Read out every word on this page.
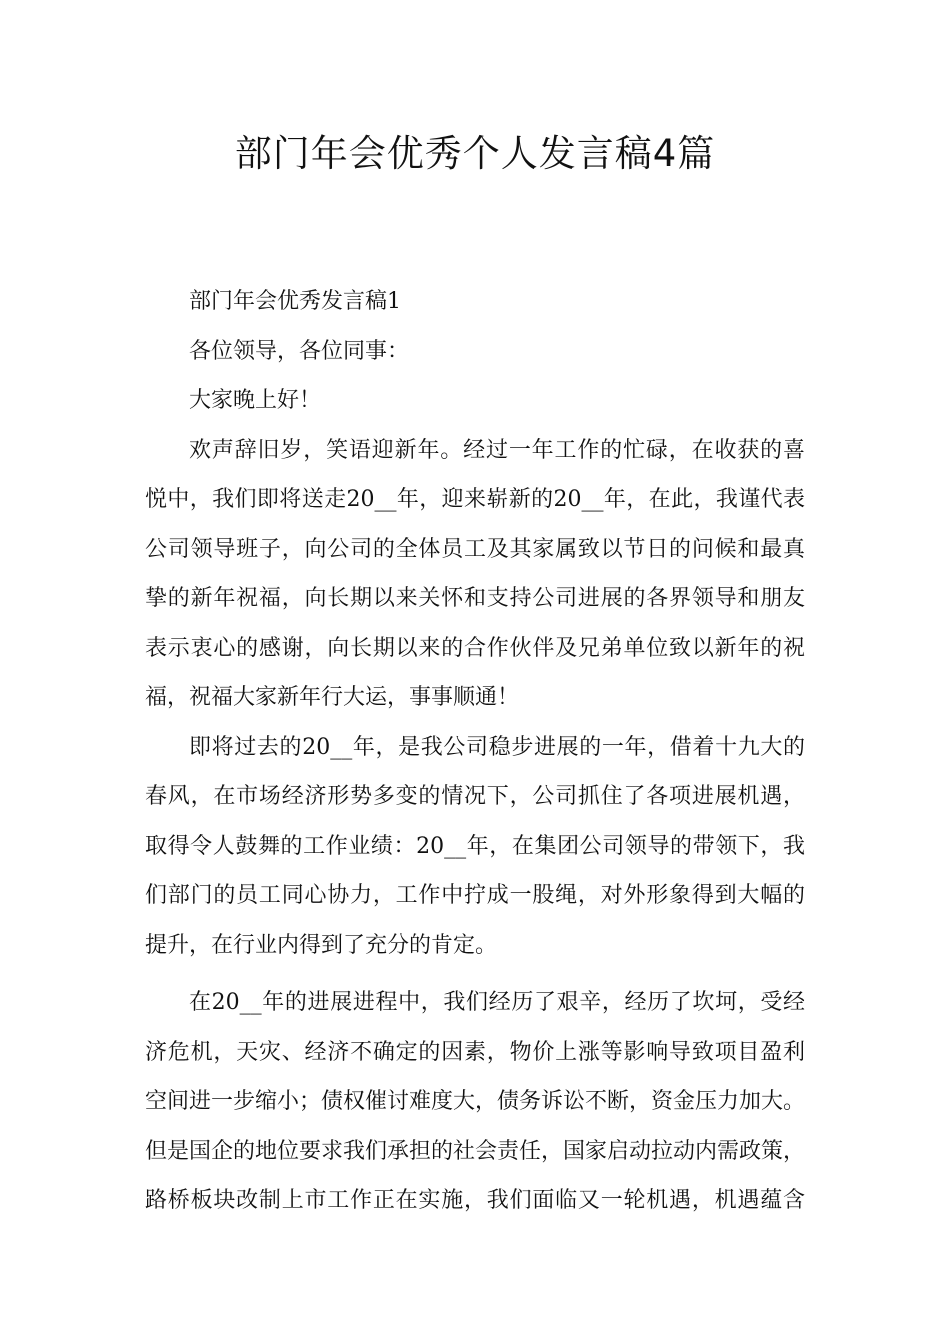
部门年会优秀个人发言稿4篇
部门年会优秀发言稿1
各位领导，各位同事：
大家晚上好！
欢声辞旧岁，笑语迎新年。经过一年工作的忙碌，在收获的喜
悦中，我们即将送走20__年，迎来崭新的20__年，在此，我谨代表
公司领导班子，向公司的全体员工及其家属致以节日的问候和最真
挚的新年祝福，向长期以来关怀和支持公司进展的各界领导和朋友
表示衷心的感谢，向长期以来的合作伙伴及兄弟单位致以新年的祝
福，祝福大家新年行大运，事事顺通！
即将过去的20__年，是我公司稳步进展的一年，借着十九大的
春风，在市场经济形势多变的情况下，公司抓住了各项进展机遇，
取得令人鼓舞的工作业绩：20__年，在集团公司领导的带领下，我
们部门的员工同心协力，工作中拧成一股绳，对外形象得到大幅的
提升，在行业内得到了充分的肯定。
在20__年的进展进程中，我们经历了艰辛，经历了坎坷，受经
济危机，天灾、经济不确定的因素，物价上涨等影响导致项目盈利
空间进一步缩小；债权催讨难度大，债务诉讼不断，资金压力加大。
但是国企的地位要求我们承担的社会责任，国家启动拉动内需政策，
路桥板块改制上市工作正在实施，我们面临又一轮机遇，机遇蕴含
